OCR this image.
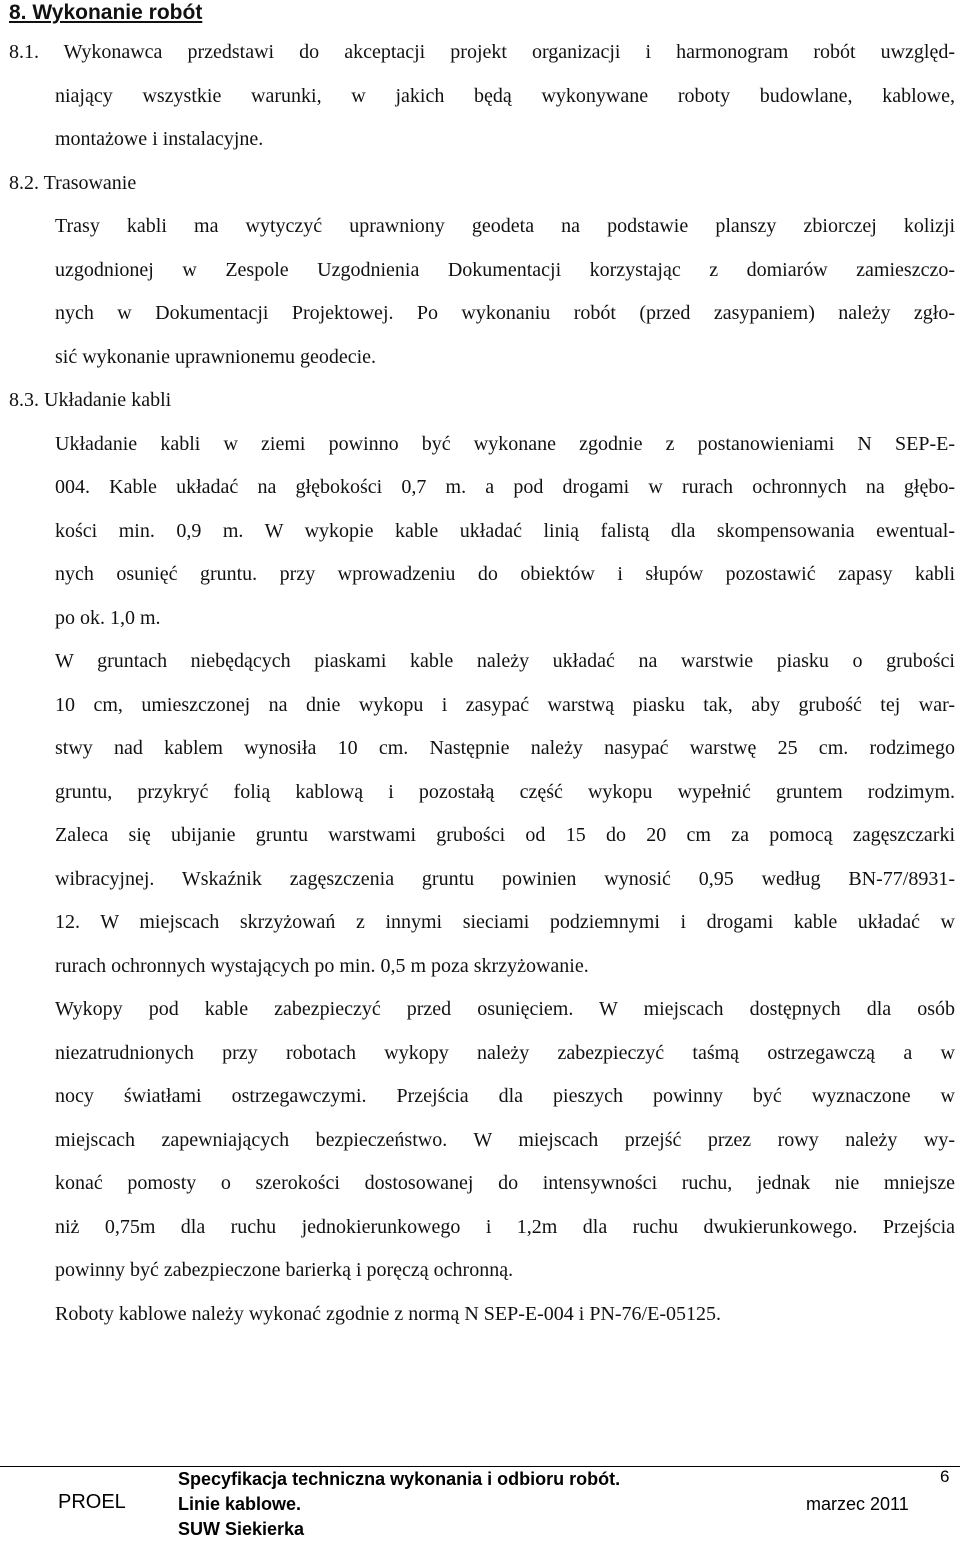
8. Wykonanie robót
8.1. Wykonawca przedstawi do akceptacji projekt organizacji i harmonogram robót uwzględ-
niający wszystkie warunki, w jakich będą wykonywane roboty budowlane, kablowe,
montażowe i instalacyjne.
8.2. Trasowanie
Trasy kabli ma wytyczyć uprawniony geodeta na podstawie planszy zbiorczej kolizji
uzgodnionej w Zespole Uzgodnienia Dokumentacji korzystając z domiarów zamieszczo-
nych w Dokumentacji Projektowej. Po wykonaniu robót (przed zasypaniem) należy zgło-
sić wykonanie uprawnionemu geodecie.
8.3. Układanie kabli
Układanie kabli w ziemi powinno być wykonane zgodnie z postanowieniami N SEP-E-
004. Kable układać na głębokości 0,7 m. a pod drogami w rurach ochronnych na głębo-
kości min. 0,9 m. W wykopie kable układać linią falistą dla skompensowania ewentual-
nych osunięć gruntu. przy wprowadzeniu do obiektów i słupów pozostawić zapasy kabli
po ok. 1,0 m.
W gruntach niebędących piaskami kable należy układać na warstwie piasku o grubości
10 cm, umieszczonej na dnie wykopu i zasypać warstwą piasku tak, aby grubość tej war-
stwy nad kablem wynosiła 10 cm. Następnie należy nasypać warstwę 25 cm. rodzimego
gruntu, przykryć folią kablową i pozostałą część wykopu wypełnić gruntem rodzimym.
Zaleca się ubijanie gruntu warstwami grubości od 15 do 20 cm za pomocą zagęszczarki
wibracyjnej. Wskaźnik zagęszczenia gruntu powinien wynosić 0,95 według BN-77/8931-
12. W miejscach skrzyżowań z innymi sieciami podziemnymi i drogami kable układać w
rurach ochronnych wystających po min. 0,5 m poza skrzyżowanie.
Wykopy pod kable zabezpieczyć przed osunięciem. W miejscach dostępnych dla osób
niezatrudnionych przy robotach wykopy należy zabezpieczyć taśmą ostrzegawczą a w
nocy światłami ostrzegawczymi. Przejścia dla pieszych powinny być wyznaczone w
miejscach zapewniających bezpieczeństwo. W miejscach przejść przez rowy należy wy-
konać pomosty o szerokości dostosowanej do intensywności ruchu, jednak nie mniejsze
niż 0,75m dla ruchu jednokierunkowego i 1,2m dla ruchu dwukierunkowego. Przejścia
powinny być zabezpieczone barierką i poręczą ochronną.
Roboty kablowe należy wykonać zgodnie z normą N SEP-E-004 i PN-76/E-05125.
PROEL
Specyfikacja techniczna wykonania i odbioru robót.
Linie kablowe.
SUW Siekierka
marzec 2011
6
